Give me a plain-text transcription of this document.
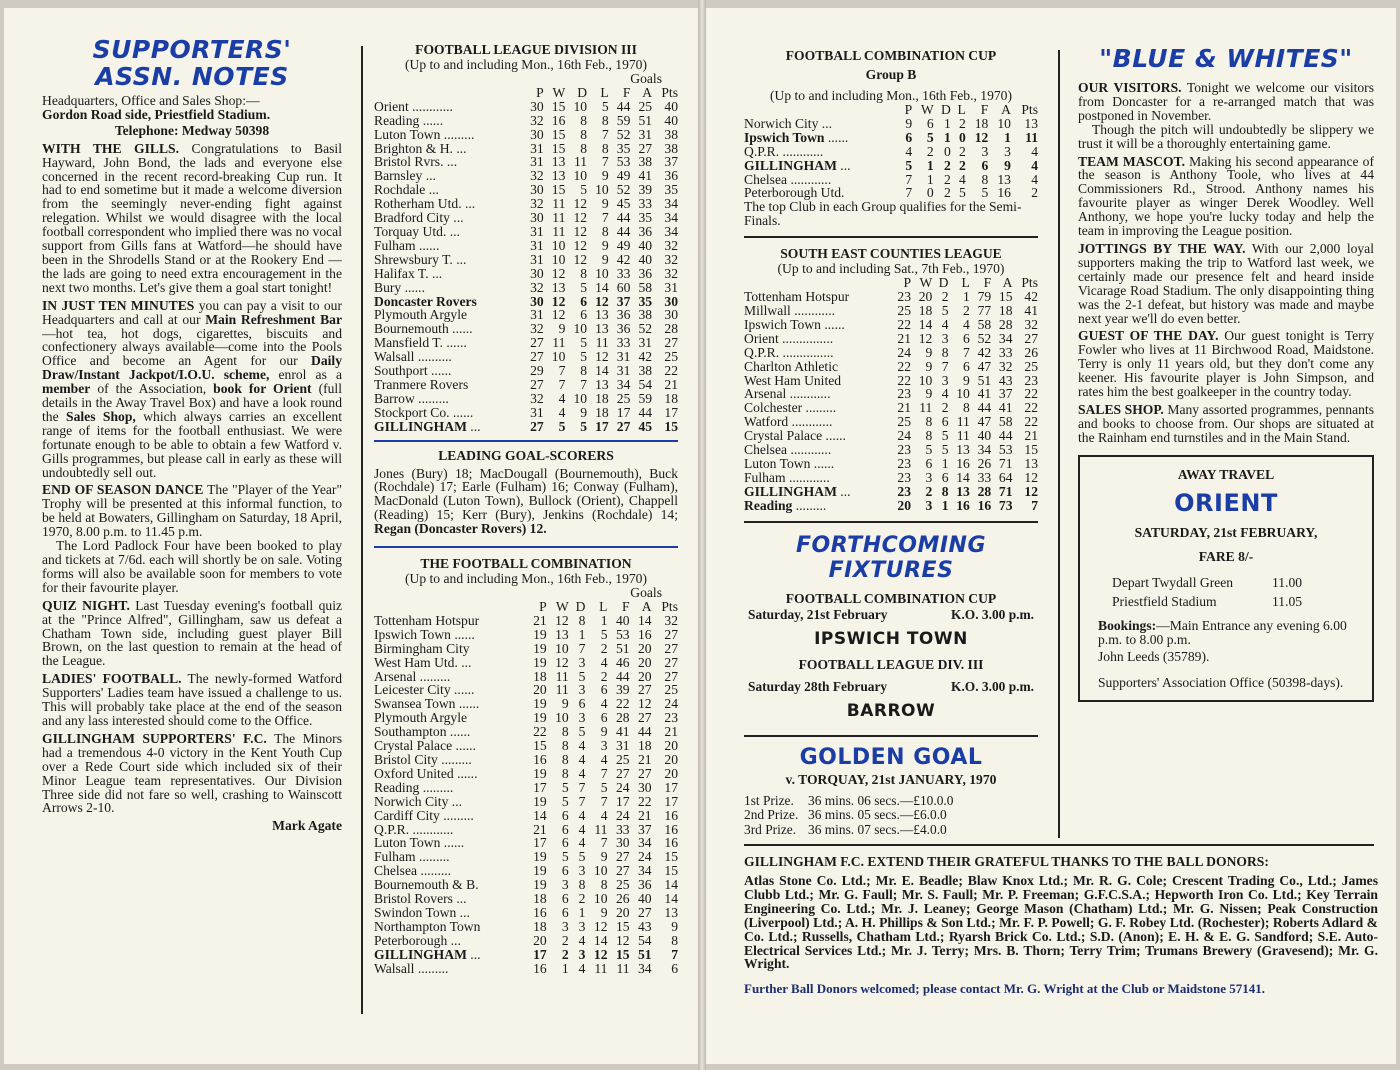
SUPPORTERS'
ASSN. NOTES

Headquarters, Office and Sales Shop:—
Gordon Road side, Priestfield Stadium.

Telephone: Medway 50398

WITH THE GILLS. Congratulations to Basil Hayward, John Bond, the lads and everyone else concerned in the recent record-breaking Cup run. It had to end sometime but it made a welcome diversion from the seemingly never-ending fight against relegation. Whilst we would disagree with the local football correspondent who implied there was no vocal support from Gills fans at Watford—he should have been in the Shrodells Stand or at the Rookery End —the lads are going to need extra encouragement in the next two months. Let's give them a goal start tonight!

IN JUST TEN MINUTES you can pay a visit to our Headquarters and call at our Main Refreshment Bar—hot tea, hot dogs, cigarettes, biscuits and confectionery always available—come into the Pools Office and become an Agent for our Daily Draw/Instant Jackpot/I.O.U. scheme, enrol as a member of the Association, book for Orient (full details in the Away Travel Box) and have a look round the Sales Shop, which always carries an excellent range of items for the football enthusiast. We were fortunate enough to be able to obtain a few Watford v. Gills programmes, but please call in early as these will undoubtedly sell out.

END OF SEASON DANCE The "Player of the Year" Trophy will be presented at this informal function, to be held at Bowaters, Gillingham on Saturday, 18 April, 1970, 8.00 p.m. to 11.45 p.m.

The Lord Padlock Four have been booked to play and tickets at 7/6d. each will shortly be on sale. Voting forms will also be available soon for members to vote for their favourite player.

QUIZ NIGHT. Last Tuesday evening's football quiz at the "Prince Alfred", Gillingham, saw us defeat a Chatham Town side, including guest player Bill Brown, on the last question to remain at the head of the League.

LADIES' FOOTBALL. The newly-formed Watford Supporters' Ladies team have issued a challenge to us. This will probably take place at the end of the season and any lass interested should come to the Office.

GILLINGHAM SUPPORTERS' F.C. The Minors had a tremendous 4-0 victory in the Kent Youth Cup over a Rede Court side which included six of their Minor League team representatives. Our Division Three side did not fare so well, crashing to Wainscott Arrows 2-10.

Mark Agate

FOOTBALL LEAGUE DIVISION III
(Up to and including Mon., 16th Feb., 1970)
Goals							
	P	W	D	L	F	A	Pts
Orient ............	30	15	10	5	44	25	40
Reading ......	32	16	8	8	59	51	40
Luton Town .........	30	15	8	7	52	31	38
Brighton & H. ...	31	15	8	8	35	27	38
Bristol Rvrs. ...	31	13	11	7	53	38	37
Barnsley ...	32	13	10	9	49	41	36
Rochdale ...	30	15	5	10	52	39	35
Rotherham Utd. ...	32	11	12	9	45	33	34
Bradford City ...	30	11	12	7	44	35	34
Torquay Utd. ...	31	11	12	8	44	36	34
Fulham ......	31	10	12	9	49	40	32
Shrewsbury T. ...	31	10	12	9	42	40	32
Halifax T. ...	30	12	8	10	33	36	32
Bury ......	32	13	5	14	60	58	31
Doncaster Rovers	30	12	6	12	37	35	30
Plymouth Argyle	31	12	6	13	36	38	30
Bournemouth ......	32	9	10	13	36	52	28
Mansfield T. ......	27	11	5	11	33	31	27
Walsall ..........	27	10	5	12	31	42	25
Southport ......	29	7	8	14	31	38	22
Tranmere Rovers	27	7	7	13	34	54	21
Barrow .........	32	4	10	18	25	59	18
Stockport Co. ......	31	4	9	18	17	44	17
GILLINGHAM ...	27	5	5	17	27	45	15
LEADING GOAL-SCORERS
Jones (Bury) 18; MacDougall (Bournemouth), Buck (Rochdale) 17; Earle (Fulham) 16; Conway (Fulham), MacDonald (Luton Town), Bullock (Orient), Chappell (Reading) 15; Kerr (Bury), Jenkins (Rochdale) 14; Regan (Doncaster Rovers) 12.
THE FOOTBALL COMBINATION
(Up to and including Mon., 16th Feb., 1970)
Goals							
	P	W	D	L	F	A	Pts
Tottenham Hotspur	21	12	8	1	40	14	32
Ipswich Town ......	19	13	1	5	53	16	27
Birmingham City	19	10	7	2	51	20	27
West Ham Utd. ...	19	12	3	4	46	20	27
Arsenal .........	18	11	5	2	44	20	27
Leicester City ......	20	11	3	6	39	27	25
Swansea Town ......	19	9	6	4	22	12	24
Plymouth Argyle	19	10	3	6	28	27	23
Southampton ......	22	8	5	9	41	44	21
Crystal Palace ......	15	8	4	3	31	18	20
Bristol City .........	16	8	4	4	25	21	20
Oxford United ......	19	8	4	7	27	27	20
Reading .........	17	5	7	5	24	30	17
Norwich City ...	19	5	7	7	17	22	17
Cardiff City .........	14	6	4	4	24	21	16
Q.P.R. ............	21	6	4	11	33	37	16
Luton Town ......	17	6	4	7	30	34	16
Fulham .........	19	5	5	9	27	24	15
Chelsea .........	19	6	3	10	27	34	15
Bournemouth & B.	19	3	8	8	25	36	14
Bristol Rovers ...	18	6	2	10	26	40	14
Swindon Town ...	16	6	1	9	20	27	13
Northampton Town	18	3	3	12	15	43	9
Peterborough ...	20	2	4	14	12	54	8
GILLINGHAM ...	17	2	3	12	15	51	7
Walsall .........	16	1	4	11	11	34	6
FOOTBALL COMBINATION CUP
Group B
(Up to and including Mon., 16th Feb., 1970)
	P	W	D	L	F	A	Pts
Norwich City ...	9	6	1	2	18	10	13
Ipswich Town ......	6	5	1	0	12	1	11
Q.P.R. ............	4	2	0	2	3	3	4
GILLINGHAM ...	5	1	2	2	6	9	4
Chelsea ............	7	1	2	4	8	13	4
Peterborough Utd.	7	0	2	5	5	16	2
The top Club in each Group qualifies for the Semi-Finals.
SOUTH EAST COUNTIES LEAGUE
(Up to and including Sat., 7th Feb., 1970)
	P	W	D	L	F	A	Pts
Tottenham Hotspur	23	20	2	1	79	15	42
Millwall ............	25	18	5	2	77	18	41
Ipswich Town ......	22	14	4	4	58	28	32
Orient ...............	21	12	3	6	52	34	27
Q.P.R. ...............	24	9	8	7	42	33	26
Charlton Athletic	22	9	7	6	47	32	25
West Ham United	22	10	3	9	51	43	23
Arsenal ............	23	9	4	10	41	37	22
Colchester .........	21	11	2	8	44	41	22
Watford ............	25	8	6	11	47	58	22
Crystal Palace ......	24	8	5	11	40	44	21
Chelsea ............	23	5	5	13	34	53	15
Luton Town ......	23	6	1	16	26	71	13
Fulham ............	23	3	6	14	33	64	12
GILLINGHAM ...	23	2	8	13	28	71	12
Reading .........	20	3	1	16	16	73	7
FORTHCOMING FIXTURES
FOOTBALL COMBINATION CUP
Saturday, 21st February	K.O. 3.00 p.m.
IPSWICH TOWN
FOOTBALL LEAGUE DIV. III
Saturday 28th February	K.O. 3.00 p.m.
BARROW
GOLDEN GOAL
v. TORQUAY, 21st JANUARY, 1970
1st Prize.	36 mins. 06 secs.—£10.0.0
2nd Prize. 36 mins. 05 secs.—£6.0.0
3rd Prize. 36 mins. 07 secs.—£4.0.0
"BLUE & WHITES"

OUR VISITORS. Tonight we welcome our visitors from Doncaster for a re-arranged match that was postponed in November.

Though the pitch will undoubtedly be slippery we trust it will be a thoroughly entertaining game.

TEAM MASCOT. Making his second appearance of the season is Anthony Toole, who lives at 44 Commissioners Rd., Strood. Anthony names his favourite player as winger Derek Woodley. Well Anthony, we hope you're lucky today and help the team in improving the League position.

JOTTINGS BY THE WAY. With our 2,000 loyal supporters making the trip to Watford last week, we certainly made our presence felt and heard inside Vicarage Road Stadium. The only disappointing thing was the 2-1 defeat, but history was made and maybe next year we'll do even better.

GUEST OF THE DAY. Our guest tonight is Terry Fowler who lives at 11 Birchwood Road, Maidstone. Terry is only 11 years old, but they don't come any keener. His favourite player is John Simpson, and rates him the best goalkeeper in the country today.

SALES SHOP. Many assorted programmes, pennants and books to choose from. Our shops are situated at the Rainham end turnstiles and in the Main Stand.

AWAY TRAVEL
ORIENT
SATURDAY, 21st FEBRUARY,
FARE 8/-
Depart Twydall Green	11.00
Priestfield Stadium	11.05
Bookings:—Main Entrance any evening 6.00 p.m. to 8.00 p.m.
John Leeds (35789).
Supporters' Association Office (50398-days).
GILLINGHAM F.C. EXTEND THEIR GRATEFUL THANKS TO THE BALL DONORS:
Atlas Stone Co. Ltd.; Mr. E. Beadle; Blaw Knox Ltd.; Mr. R. G. Cole; Crescent Trading Co., Ltd.; James Clubb Ltd.; Mr. G. Faull; Mr. S. Faull; Mr. P. Freeman; G.F.C.S.A.; Hepworth Iron Co. Ltd.; Key Terrain Engineering Co. Ltd.; Mr. J. Leaney; George Mason (Chatham) Ltd.; Mr. G. Nissen; Peak Construction (Liverpool) Ltd.; A. H. Phillips & Son Ltd.; Mr. F. P. Powell; G. F. Robey Ltd. (Rochester); Roberts Adlard & Co. Ltd.; Russells, Chatham Ltd.; Ryarsh Brick Co. Ltd.; S.D. (Anon); E. H. & E. G. Sandford; S.E. Auto-Electrical Services Ltd.; Mr. J. Terry; Mrs. B. Thorn; Terry Trim; Trumans Brewery (Gravesend); Mr. G. Wright.
Further Ball Donors welcomed; please contact Mr. G. Wright at the Club or Maidstone 57141.
